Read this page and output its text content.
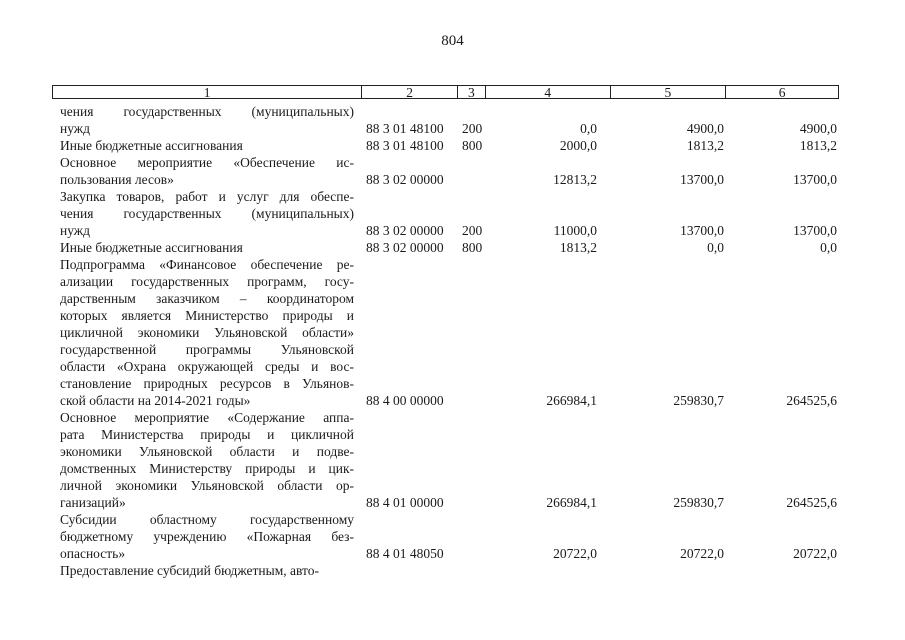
804
1	2	3	4	5	6
чения государственных (муниципальных)
нужд	88 3 01 48100 200	0,0	4900,0	4900,0
Иные бюджетные ассигнования	88 3 01 48100 800	2000,0	1813,2	1813,2
Основное мероприятие «Обеспечение ис-
пользования лесов»	88 3 02 00000	12813,2	13700,0	13700,0
Закупка товаров, работ и услуг для обеспе-
чения государственных (муниципальных)
нужд	88 3 02 00000 200	11000,0	13700,0	13700,0
Иные бюджетные ассигнования	88 3 02 00000 800	1813,2	0,0	0,0
Подпрограмма «Финансовое обеспечение ре-
ализации государственных программ, госу-
дарственным заказчиком – координатором
которых является Министерство природы и
цикличной экономики Ульяновской области»
государственной программы Ульяновской
области «Охрана окружающей среды и вос-
становление природных ресурсов в Ульянов-
ской области на 2014-2021 годы»	88 4 00 00000	266984,1	259830,7	264525,6
Основное мероприятие «Содержание аппа-
рата Министерства природы и цикличной
экономики Ульяновской области и подве-
домственных Министерству природы и цик-
личной экономики Ульяновской области ор-
ганизаций»	88 4 01 00000	266984,1	259830,7	264525,6
Субсидии областному государственному
бюджетному учреждению «Пожарная без-
опасность»	88 4 01 48050	20722,0	20722,0	20722,0
Предоставление субсидий бюджетным, авто-
